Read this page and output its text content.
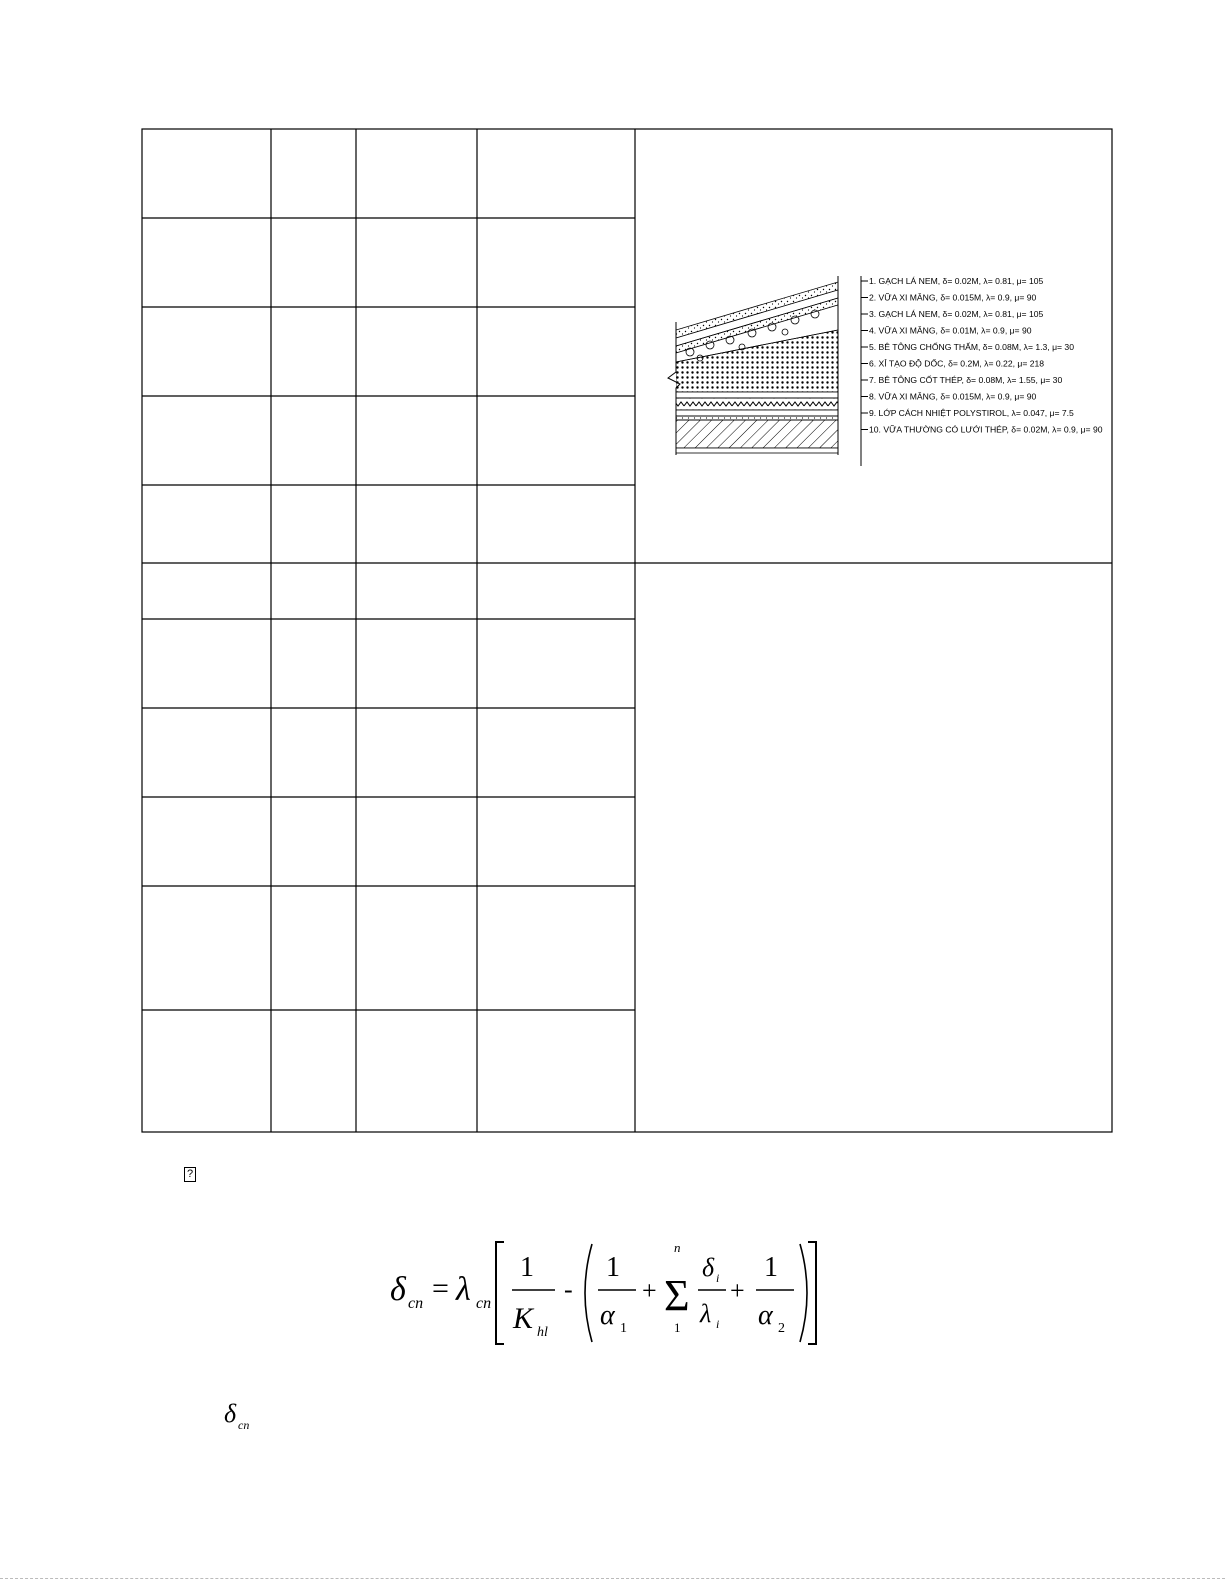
1. GẠCH LÁ NEM, δ= 0.02M, λ= 0.81, μ= 105
2. VỮA XI MĂNG, δ= 0.015M, λ= 0.9, μ= 90
3. GẠCH LÁ NEM, δ= 0.02M, λ= 0.81, μ= 105
4. VỮA XI MĂNG, δ= 0.01M, λ= 0.9, μ= 90
5. BÊ TÔNG CHỐNG THẤM, δ= 0.08M, λ= 1.3, μ= 30
6. XỈ TẠO ĐỘ DỐC, δ= 0.2M, λ= 0.22, μ= 218
7. BÊ TÔNG CỐT THÉP, δ= 0.08M, λ= 1.55, μ= 30
8. VỮA XI MĂNG, δ= 0.015M, λ= 0.9, μ= 90
9. LỚP CÁCH NHIỆT POLYSTIROL, λ= 0.047, μ= 7.5
10. VỮA THƯỜNG CÓ LƯỚI THÉP, δ= 0.02M, λ= 0.9, μ= 90
?
δ cn = λ cn
1
K hl
-
1
α 1
+
n
Σ
1
δ i
λ i
+
1
α 2
δ cn
